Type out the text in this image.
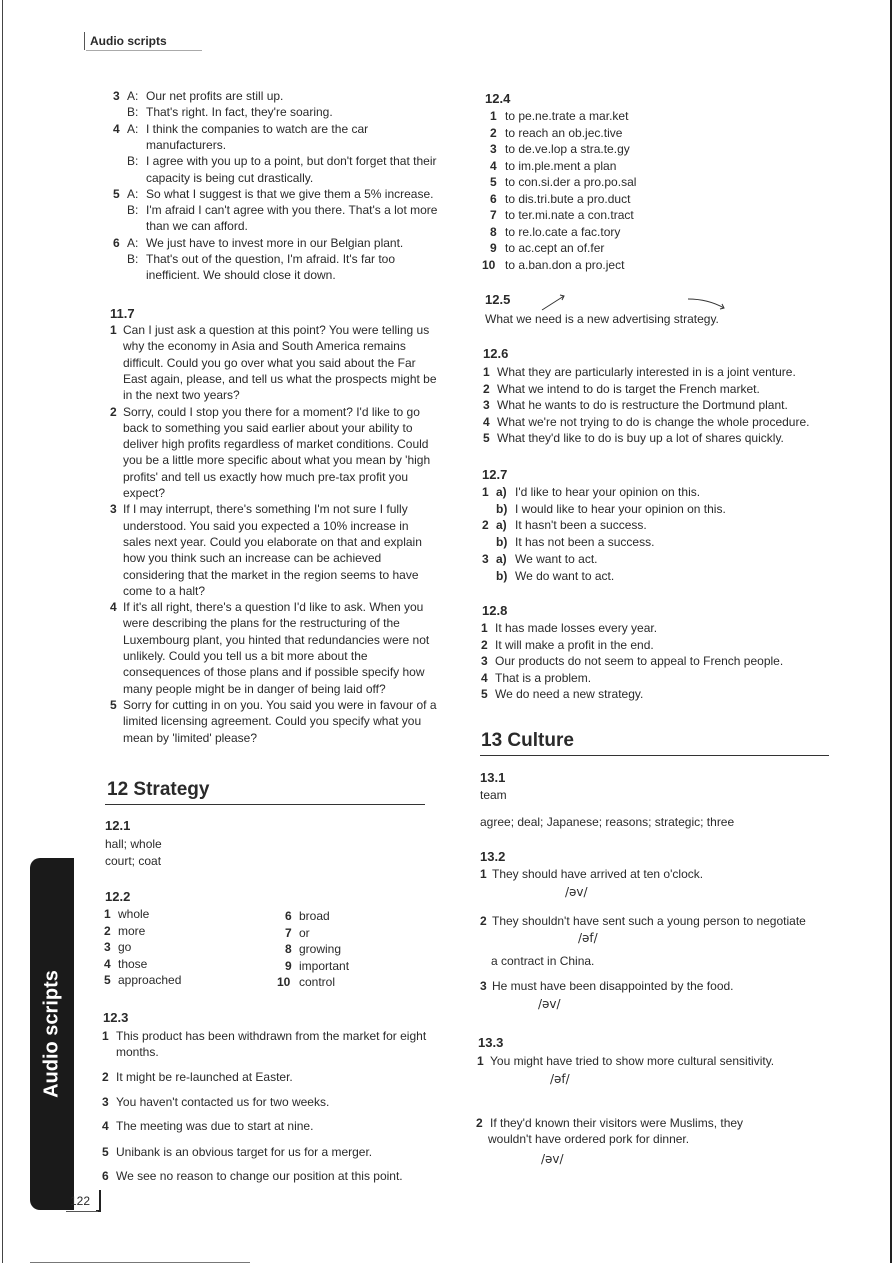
Audio scripts
Audio scripts
122
3 A: Our net profits are still up.
B: That's right. In fact, they're soaring.
4 A: I think the companies to watch are the car
manufacturers.
B: I agree with you up to a point, but don't forget that their
capacity is being cut drastically.
5 A: So what I suggest is that we give them a 5% increase.
B: I'm afraid I can't agree with you there. That's a lot more
than we can afford.
6 A: We just have to invest more in our Belgian plant.
B: That's out of the question, I'm afraid. It's far too
inefficient. We should close it down.
11.7
1 Can I just ask a question at this point? You were telling us
why the economy in Asia and South America remains
difficult. Could you go over what you said about the Far
East again, please, and tell us what the prospects might be
in the next two years?
2 Sorry, could I stop you there for a moment? I'd like to go
back to something you said earlier about your ability to
deliver high profits regardless of market conditions. Could
you be a little more specific about what you mean by 'high
profits' and tell us exactly how much pre-tax profit you
expect?
3 If I may interrupt, there's something I'm not sure I fully
understood. You said you expected a 10% increase in
sales next year. Could you elaborate on that and explain
how you think such an increase can be achieved
considering that the market in the region seems to have
come to a halt?
4 If it's all right, there's a question I'd like to ask. When you
were describing the plans for the restructuring of the
Luxembourg plant, you hinted that redundancies were not
unlikely. Could you tell us a bit more about the
consequences of those plans and if possible specify how
many people might be in danger of being laid off?
5 Sorry for cutting in on you. You said you were in favour of a
limited licensing agreement. Could you specify what you
mean by 'limited' please?
12 Strategy
12.1
hall; whole
court; coat
12.2
1 whole
2 more
3 go
4 those
5 approached
6 broad
7 or
8 growing
9 important
10 control
12.3
1 This product has been withdrawn from the market for eight
months.
2 It might be re-launched at Easter.
3 You haven't contacted us for two weeks.
4 The meeting was due to start at nine.
5 Unibank is an obvious target for us for a merger.
6 We see no reason to change our position at this point.
12.4
1 to pe.ne.trate a mar.ket
2 to reach an ob.jec.tive
3 to de.ve.lop a stra.te.gy
4 to im.ple.ment a plan
5 to con.si.der a pro.po.sal
6 to dis.tri.bute a pro.duct
7 to ter.mi.nate a con.tract
8 to re.lo.cate a fac.tory
9 to ac.cept an of.fer
10 to a.ban.don a pro.ject
12.5
What we need is a new advertising strategy.
12.6
1 What they are particularly interested in is a joint venture.
2 What we intend to do is target the French market.
3 What he wants to do is restructure the Dortmund plant.
4 What we're not trying to do is change the whole procedure.
5 What they'd like to do is buy up a lot of shares quickly.
12.7
1 a) I'd like to hear your opinion on this.
b) I would like to hear your opinion on this.
2 a) It hasn't been a success.
b) It has not been a success.
3 a) We want to act.
b) We do want to act.
12.8
1 It has made losses every year.
2 It will make a profit in the end.
3 Our products do not seem to appeal to French people.
4 That is a problem.
5 We do need a new strategy.
13 Culture
13.1
team
agree; deal; Japanese; reasons; strategic; three
13.2
1 They should have arrived at ten o'clock.
/əv/
2 They shouldn't have sent such a young person to negotiate
a contract in China.
/əf/
3 He must have been disappointed by the food.
/əv/
13.3
1 You might have tried to show more cultural sensitivity.
/əf/
2 If they'd known their visitors were Muslims, they
wouldn't have ordered pork for dinner.
/əv/
